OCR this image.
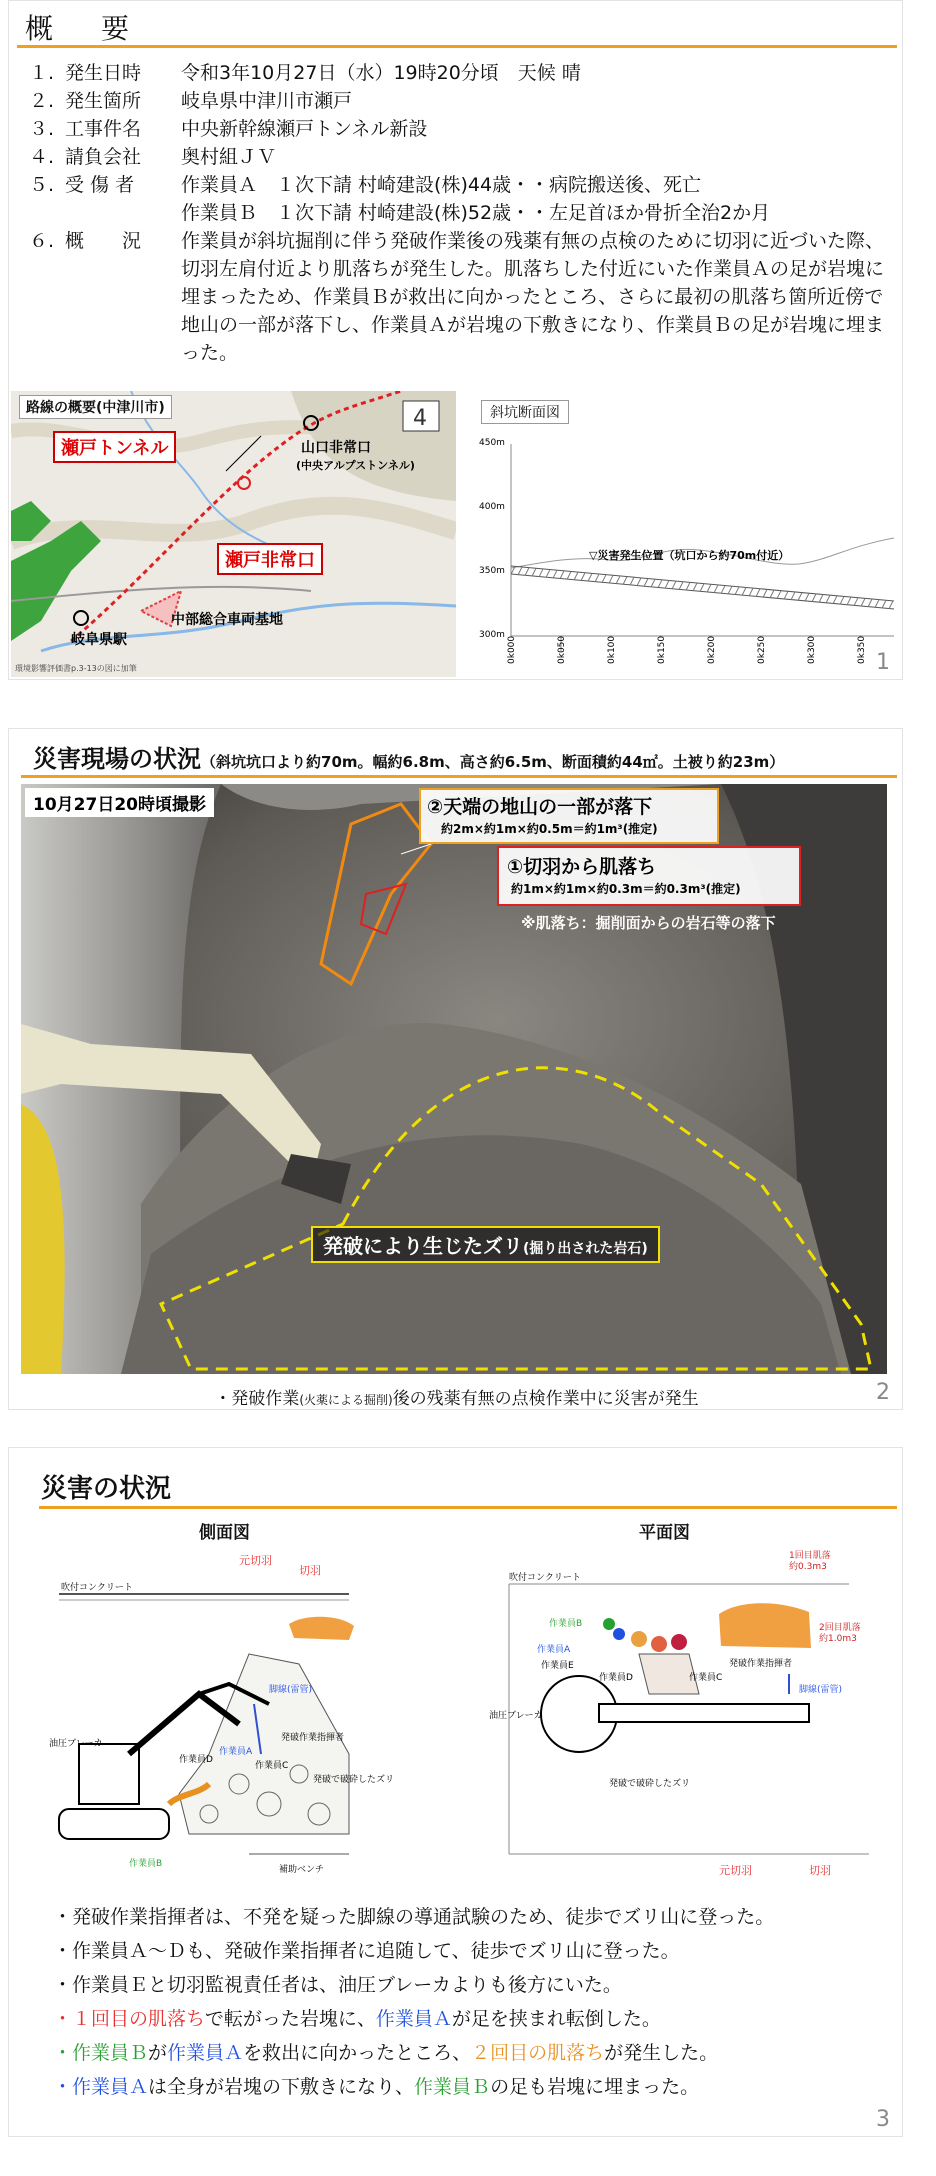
概　要
１. 発生日時	令和3年10月27日（水）19時20分頃　天候 晴
２. 発生箇所	岐阜県中津川市瀬戸
３. 工事件名	中央新幹線瀬戸トンネル新設
４. 請負会社	奥村組ＪＶ
５. 受 傷 者	作業員Ａ　１次下請 村崎建設(株)44歳・・病院搬送後、死亡
作業員Ｂ　１次下請 村崎建設(株)52歳・・左足首ほか骨折全治2か月
６. 概　　況	作業員が斜坑掘削に伴う発破作業後の残薬有無の点検のために切羽に近づいた際、切羽左肩付近より肌落ちが発生した。肌落ちした付近にいた作業員Ａの足が岩塊に埋まったため、作業員Ｂが救出に向かったところ、さらに最初の肌落ち箇所近傍で地山の一部が落下し、作業員Ａが岩塊の下敷きになり、作業員Ｂの足が岩塊に埋まった。
4
路線の概要(中津川市)
瀬戸トンネル
瀬戸非常口
山口非常口
(中央アルプストンネル)
中部総合車両基地
岐阜県駅
環境影響評価書p.3-13の図に加筆
斜坑断面図
450m
400m
350m
300m
▽災害発生位置（坑口から約70m付近）
0k000	0k050	0k100	0k150	0k200	0k250	0k300	0k350 1
災害現場の状況（斜坑坑口より約70m。幅約6.8m、高さ約6.5m、断面積約44㎡。土被り約23m）
10月27日20時頃撮影	②天端の地山の一部が落下
約2m×約1m×約0.5m＝約1m³(推定)
①切羽から肌落ち
約1m×約1m×約0.3m＝約0.3m³(推定)
※肌落ち：掘削面からの岩石等の落下
発破により生じたズリ(掘り出された岩石)
・発破作業(火薬による掘削)後の残薬有無の点検作業中に災害が発生	2
災害の状況
側面図	平面図
吹付コンクリート
元切羽
切羽
油圧ブレーカ
作業員D
作業員A
作業員C
作業員B
発破作業指揮者
発破で破砕したズリ
脚線(雷管)
補助ベンチ
吹付コンクリート
1回目肌落
約0.3m3
2回目肌落
約1.0m3
作業員B
作業員A
作業員E
作業員D	作業員C
発破作業指揮者
油圧ブレーカ
発破で破砕したズリ
脚線(雷管)
元切羽	切羽
・発破作業指揮者は、不発を疑った脚線の導通試験のため、徒歩でズリ山に登った。
・作業員Ａ～Ｄも、発破作業指揮者に追随して、徒歩でズリ山に登った。
・作業員Ｅと切羽監視責任者は、油圧ブレーカよりも後方にいた。
・１回目の肌落ちで転がった岩塊に、作業員Ａが足を挟まれ転倒した。
・作業員Ｂが作業員Ａを救出に向かったところ、２回目の肌落ちが発生した。
・作業員Ａは全身が岩塊の下敷きになり、作業員Ｂの足も岩塊に埋まった。
3
